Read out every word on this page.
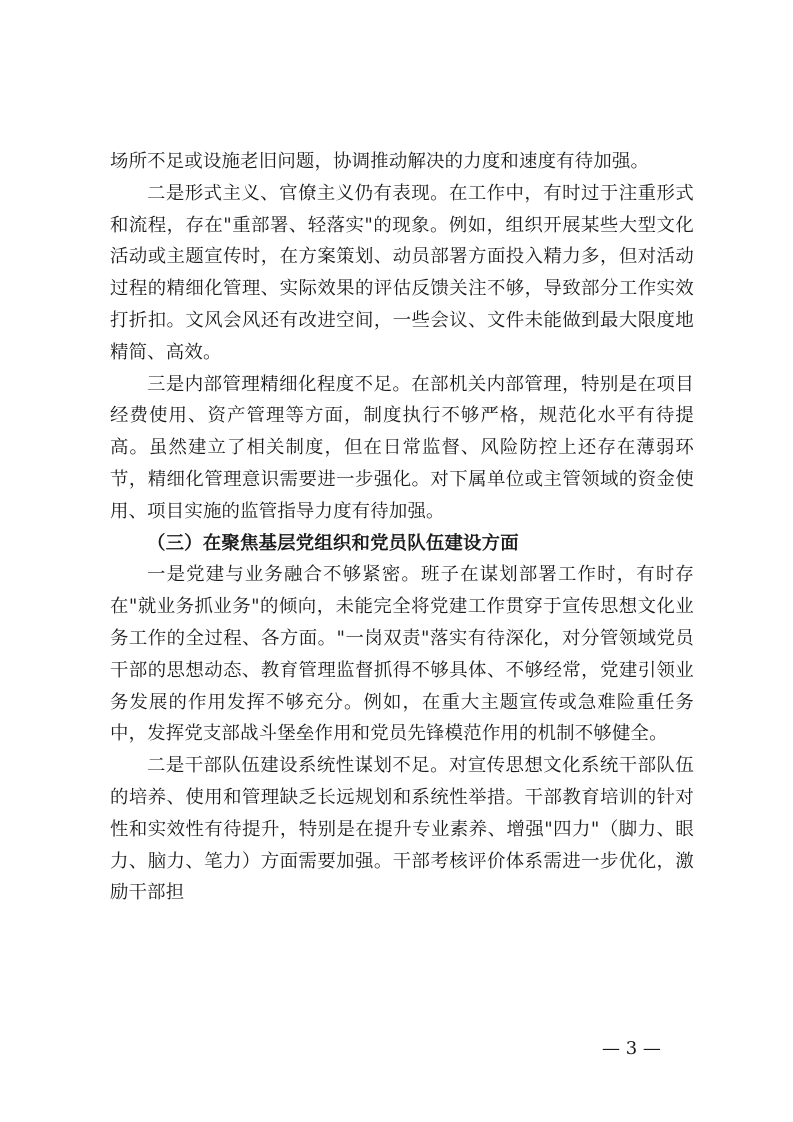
场所不足或设施老旧问题，协调推动解决的力度和速度有待加强。

二是形式主义、官僚主义仍有表现。在工作中，有时过于注重形式和流程，存在"重部署、轻落实"的现象。例如，组织开展某些大型文化活动或主题宣传时，在方案策划、动员部署方面投入精力多，但对活动过程的精细化管理、实际效果的评估反馈关注不够，导致部分工作实效打折扣。文风会风还有改进空间，一些会议、文件未能做到最大限度地精简、高效。

三是内部管理精细化程度不足。在部机关内部管理，特别是在项目经费使用、资产管理等方面，制度执行不够严格，规范化水平有待提高。虽然建立了相关制度，但在日常监督、风险防控上还存在薄弱环节，精细化管理意识需要进一步强化。对下属单位或主管领域的资金使用、项目实施的监管指导力度有待加强。

（三）在聚焦基层党组织和党员队伍建设方面

一是党建与业务融合不够紧密。班子在谋划部署工作时，有时存在"就业务抓业务"的倾向，未能完全将党建工作贯穿于宣传思想文化业务工作的全过程、各方面。"一岗双责"落实有待深化，对分管领域党员干部的思想动态、教育管理监督抓得不够具体、不够经常，党建引领业务发展的作用发挥不够充分。例如，在重大主题宣传或急难险重任务中，发挥党支部战斗堡垒作用和党员先锋模范作用的机制不够健全。

二是干部队伍建设系统性谋划不足。对宣传思想文化系统干部队伍的培养、使用和管理缺乏长远规划和系统性举措。干部教育培训的针对性和实效性有待提升，特别是在提升专业素养、增强"四力"（脚力、眼力、脑力、笔力）方面需要加强。干部考核评价体系需进一步优化，激励干部担

— 3 —
